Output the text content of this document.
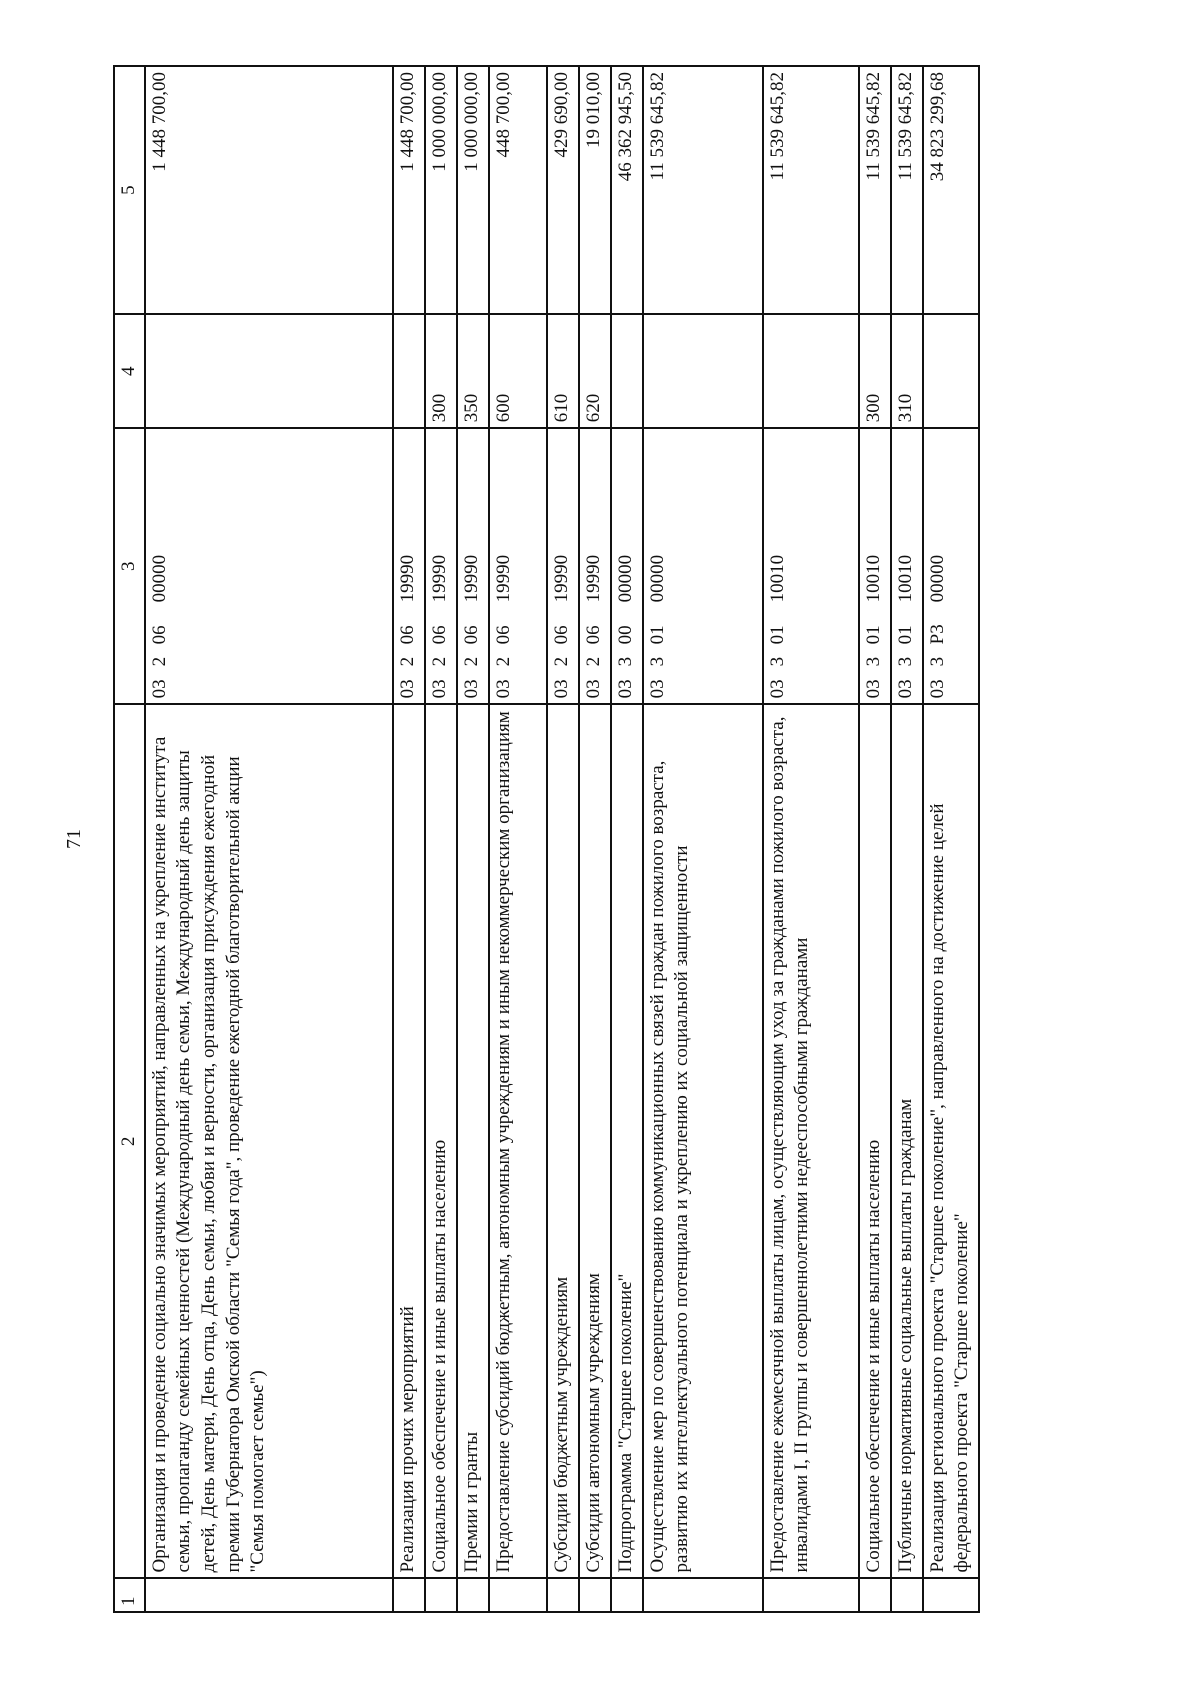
71
1	2	3	4	5
	Организация и проведение социально значимых мероприятий, направленных на укрепление института семьи, пропаганду семейных ценностей (Международный день семьи, Международный день защиты детей, День матери, День отца, День семьи, любви и верности, организация присуждения ежегодной премии Губернатора Омской области "Семья года", проведение ежегодной благотворительной акции "Семья помогает семье")	0320600000		1 448 700,00
	Реализация прочих мероприятий	0320619990		1 448 700,00
	Социальное обеспечение и иные выплаты населению	0320619990	300	1 000 000,00
	Премии и гранты	0320619990	350	1 000 000,00
	Предоставление субсидий бюджетным, автономным учреждениям и иным некоммерческим организациям	0320619990	600	448 700,00
	Субсидии бюджетным учреждениям	0320619990	610	429 690,00
	Субсидии автономным учреждениям	0320619990	620	19 010,00
	Подпрограмма "Старшее поколение"	0330000000		46 362 945,50
	Осуществление мер по совершенствованию коммуникационных связей граждан пожилого возраста, развитию их интеллектуального потенциала и укреплению их социальной защищенности	0330100000		11 539 645,82
	Предоставление ежемесячной выплаты лицам, осуществляющим уход за гражданами пожилого возраста, инвалидами I, II группы и совершеннолетними недееспособными гражданами	0330110010		11 539 645,82
	Социальное обеспечение и иные выплаты населению	0330110010	300	11 539 645,82
	Публичные нормативные социальные выплаты гражданам	0330110010	310	11 539 645,82
	Реализация регионального проекта "Старшее поколение", направленного на достижение целей федерального проекта "Старшее поколение"	033Р300000		34 823 299,68
